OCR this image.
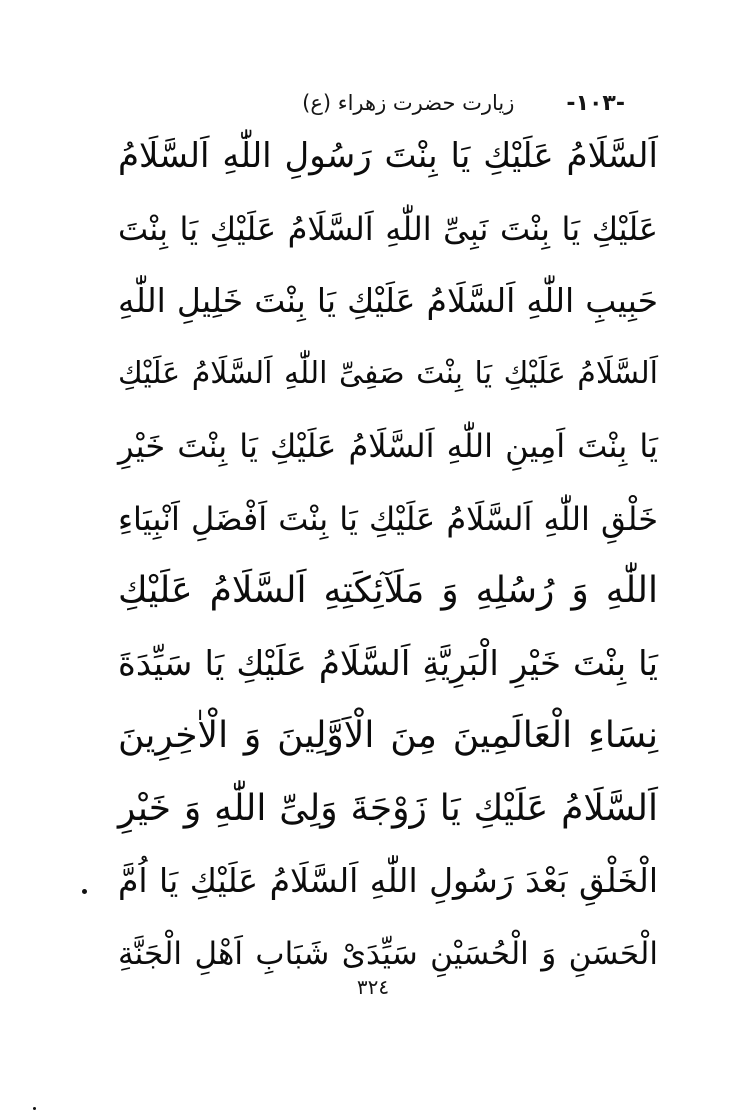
-۱۰۳-
زیارت حضرت زهراء (ع)
اَلسَّلَامُ عَلَیْكِ یَا بِنْتَ رَسُولِ اللّٰهِ اَلسَّلَامُ
عَلَیْكِ یَا بِنْتَ نَبِیِّ اللّٰهِ اَلسَّلَامُ عَلَیْكِ یَا بِنْتَ
حَبِیبِ اللّٰهِ اَلسَّلَامُ عَلَیْكِ یَا بِنْتَ خَلِیلِ اللّٰهِ
اَلسَّلَامُ عَلَیْكِ یَا بِنْتَ صَفِیِّ اللّٰهِ اَلسَّلَامُ عَلَیْكِ
یَا بِنْتَ اَمِینِ اللّٰهِ اَلسَّلَامُ عَلَیْكِ یَا بِنْتَ خَیْرِ
خَلْقِ اللّٰهِ اَلسَّلَامُ عَلَیْكِ یَا بِنْتَ اَفْضَلِ اَنْبِیَاءِ
اللّٰهِ وَ رُسُلِهِ وَ مَلَآئِکَتِهِ اَلسَّلَامُ عَلَیْكِ
یَا بِنْتَ خَیْرِ الْبَرِیَّةِ اَلسَّلَامُ عَلَیْكِ یَا سَیِّدَةَ
نِسَاءِ الْعَالَمِینَ مِنَ الْاَوَّلِینَ وَ الْاٰخِرِینَ
اَلسَّلَامُ عَلَیْكِ یَا زَوْجَةَ وَلِیِّ اللّٰهِ وَ خَیْرِ
الْخَلْقِ بَعْدَ رَسُولِ اللّٰهِ اَلسَّلَامُ عَلَیْكِ یَا اُمَّ
الْحَسَنِ وَ الْحُسَیْنِ سَیِّدَیْ شَبَابِ اَهْلِ الْجَنَّةِ
۳۲٤
